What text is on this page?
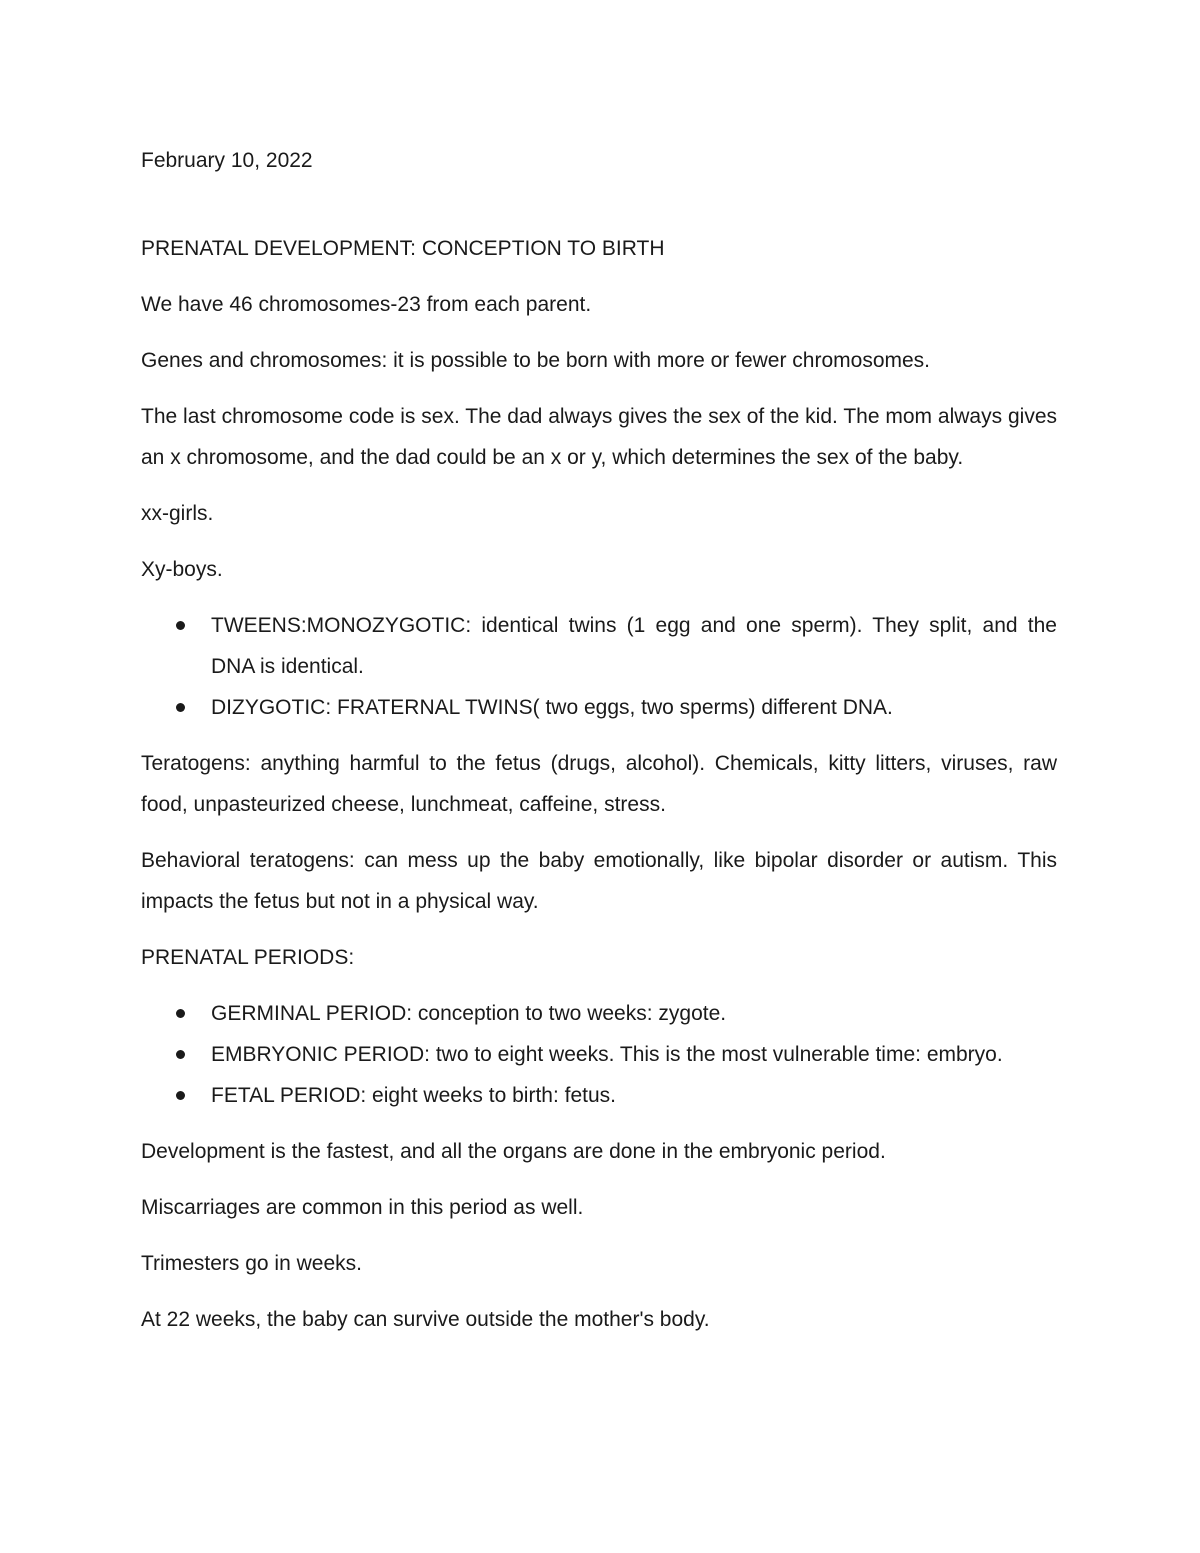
February 10, 2022

PRENATAL DEVELOPMENT: CONCEPTION TO BIRTH

We have 46 chromosomes-23 from each parent.

Genes and chromosomes: it is possible to be born with more or fewer chromosomes.

The last chromosome code is sex. The dad always gives the sex of the kid. The mom always gives an x chromosome, and the dad could be an x or y, which determines the sex of the baby.

xx-girls.

Xy-boys.

TWEENS:MONOZYGOTIC: identical twins (1 egg and one sperm). They split, and the DNA is identical.
DIZYGOTIC: FRATERNAL TWINS( two eggs, two sperms) different DNA.

Teratogens: anything harmful to the fetus (drugs, alcohol). Chemicals, kitty litters, viruses, raw food, unpasteurized cheese, lunchmeat, caffeine, stress.

Behavioral teratogens: can mess up the baby emotionally, like bipolar disorder or autism. This impacts the fetus but not in a physical way.

PRENATAL PERIODS:

GERMINAL PERIOD: conception to two weeks: zygote.
EMBRYONIC PERIOD: two to eight weeks. This is the most vulnerable time: embryo.
FETAL PERIOD: eight weeks to birth: fetus.

Development is the fastest, and all the organs are done in the embryonic period.

Miscarriages are common in this period as well.

Trimesters go in weeks.

At 22 weeks, the baby can survive outside the mother's body.
